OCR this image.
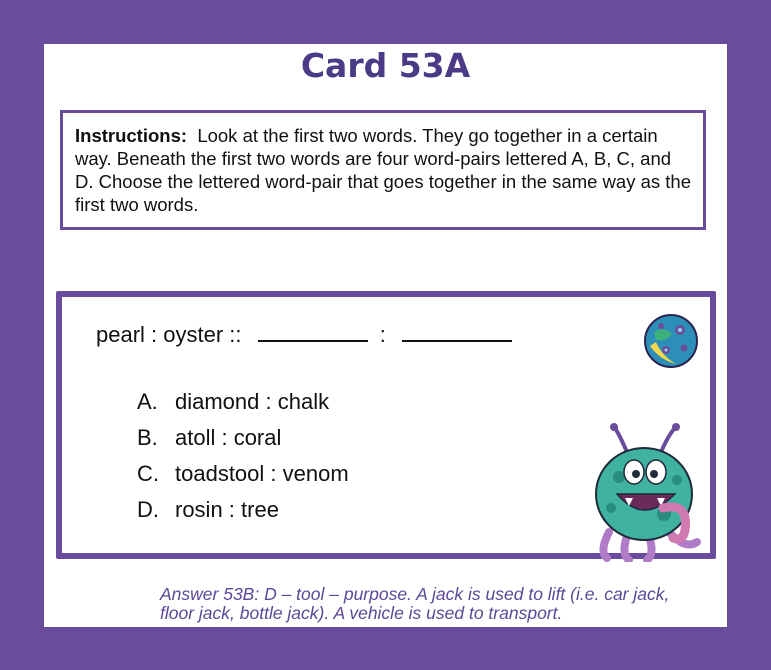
Card 53A
Instructions: Look at the first two words. They go together in a certain way. Beneath the first two words are four word-pairs lettered A, B, C, and D. Choose the lettered word-pair that goes together in the same way as the first two words.
pearl : oyster ::	:
A. diamond : chalk
B. atoll : coral
C. toadstool : venom
D. rosin : tree
Answer 53B: D – tool – purpose. A jack is used to lift (i.e. car jack,
floor jack, bottle jack). A vehicle is used to transport.
